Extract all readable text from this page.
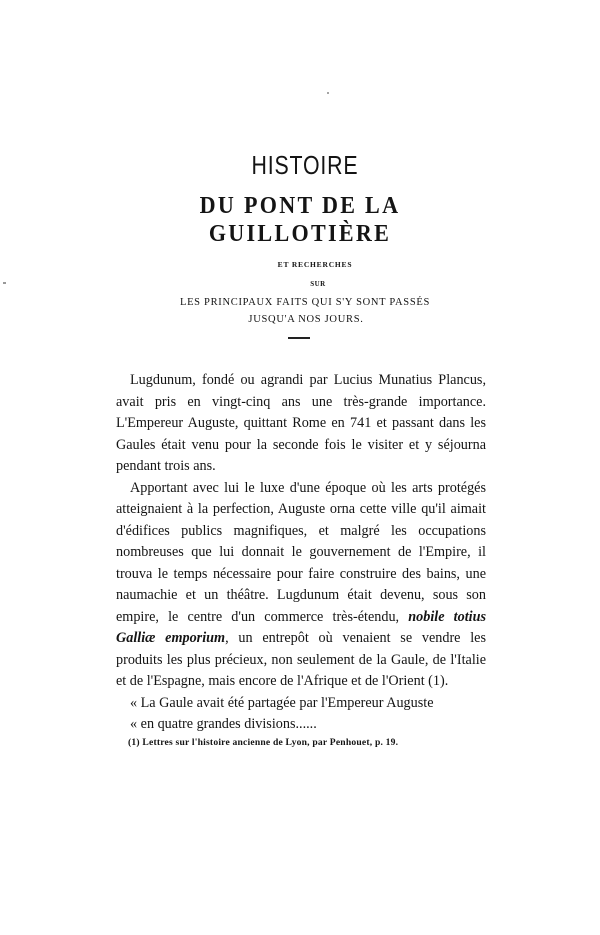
HISTOIRE
DU PONT DE LA GUILLOTIÈRE
ET RECHERCHES
SUR
LES PRINCIPAUX FAITS QUI S'Y SONT PASSÉS
JUSQU'A NOS JOURS.

Lugdunum, fondé ou agrandi par Lucius Munatius Plancus, avait pris en vingt-cinq ans une très-grande importance. L'Empereur Auguste, quittant Rome en 741 et passant dans les Gaules était venu pour la seconde fois le visiter et y séjourna pendant trois ans.

Apportant avec lui le luxe d'une époque où les arts protégés atteignaient à la perfection, Auguste orna cette ville qu'il aimait d'édifices publics magnifiques, et malgré les occupations nombreuses que lui donnait le gouvernement de l'Empire, il trouva le temps nécessaire pour faire construire des bains, une naumachie et un théâtre. Lugdunum était devenu, sous son empire, le centre d'un commerce très-étendu, nobile totius Galliæ emporium, un entrepôt où venaient se vendre les produits les plus précieux, non seulement de la Gaule, de l'Italie et de l'Espagne, mais encore de l'Afrique et de l'Orient (1).

« La Gaule avait été partagée par l'Empereur Auguste

« en quatre grandes divisions......

(1) Lettres sur l'histoire ancienne de Lyon, par Penhouet, p. 19.
